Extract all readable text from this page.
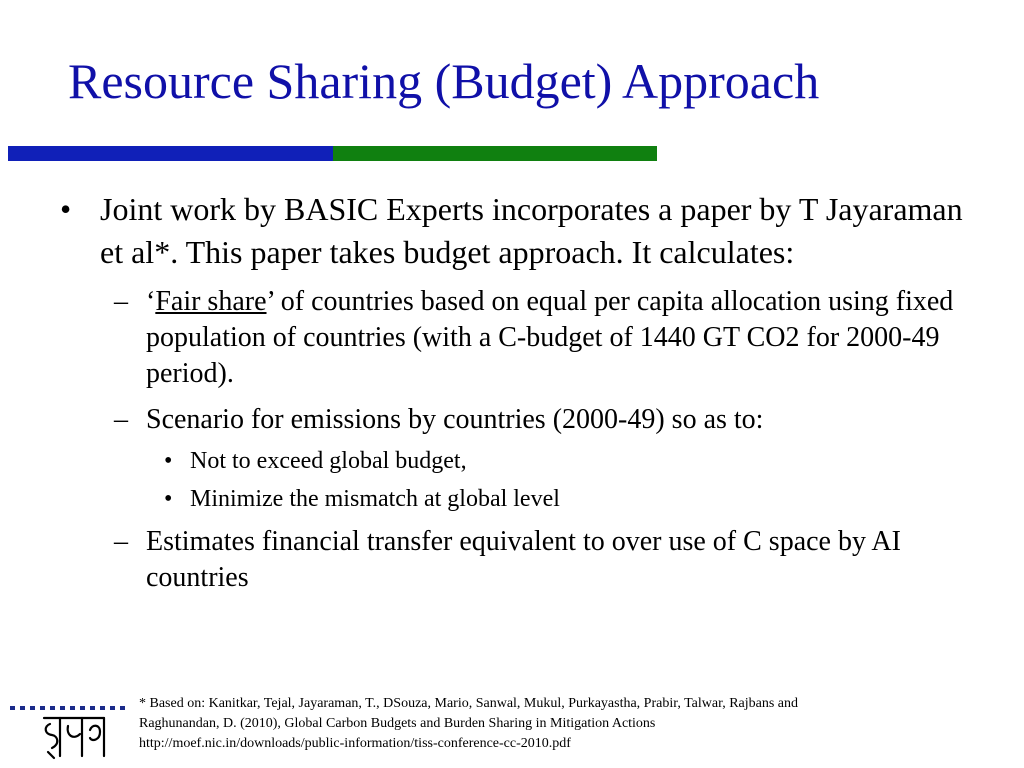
Resource Sharing (Budget) Approach
• Joint work by BASIC Experts incorporates a paper by T Jayaraman et al*. This paper takes budget approach. It calculates:
– ‘Fair share’ of countries based on equal per capita allocation using fixed population of countries (with a C-budget of 1440 GT CO2 for 2000-49 period).
– Scenario for emissions by countries (2000-49) so as to:
• Not to exceed global budget,
• Minimize the mismatch at global level
– Estimates financial transfer equivalent to over use of C space by AI countries
* Based on: Kanitkar, Tejal, Jayaraman, T., DSouza, Mario, Sanwal, Mukul, Purkayastha, Prabir, Talwar, Rajbans and
Raghunandan, D. (2010), Global Carbon Budgets and Burden Sharing in Mitigation Actions
http://moef.nic.in/downloads/public-information/tiss-conference-cc-2010.pdf
